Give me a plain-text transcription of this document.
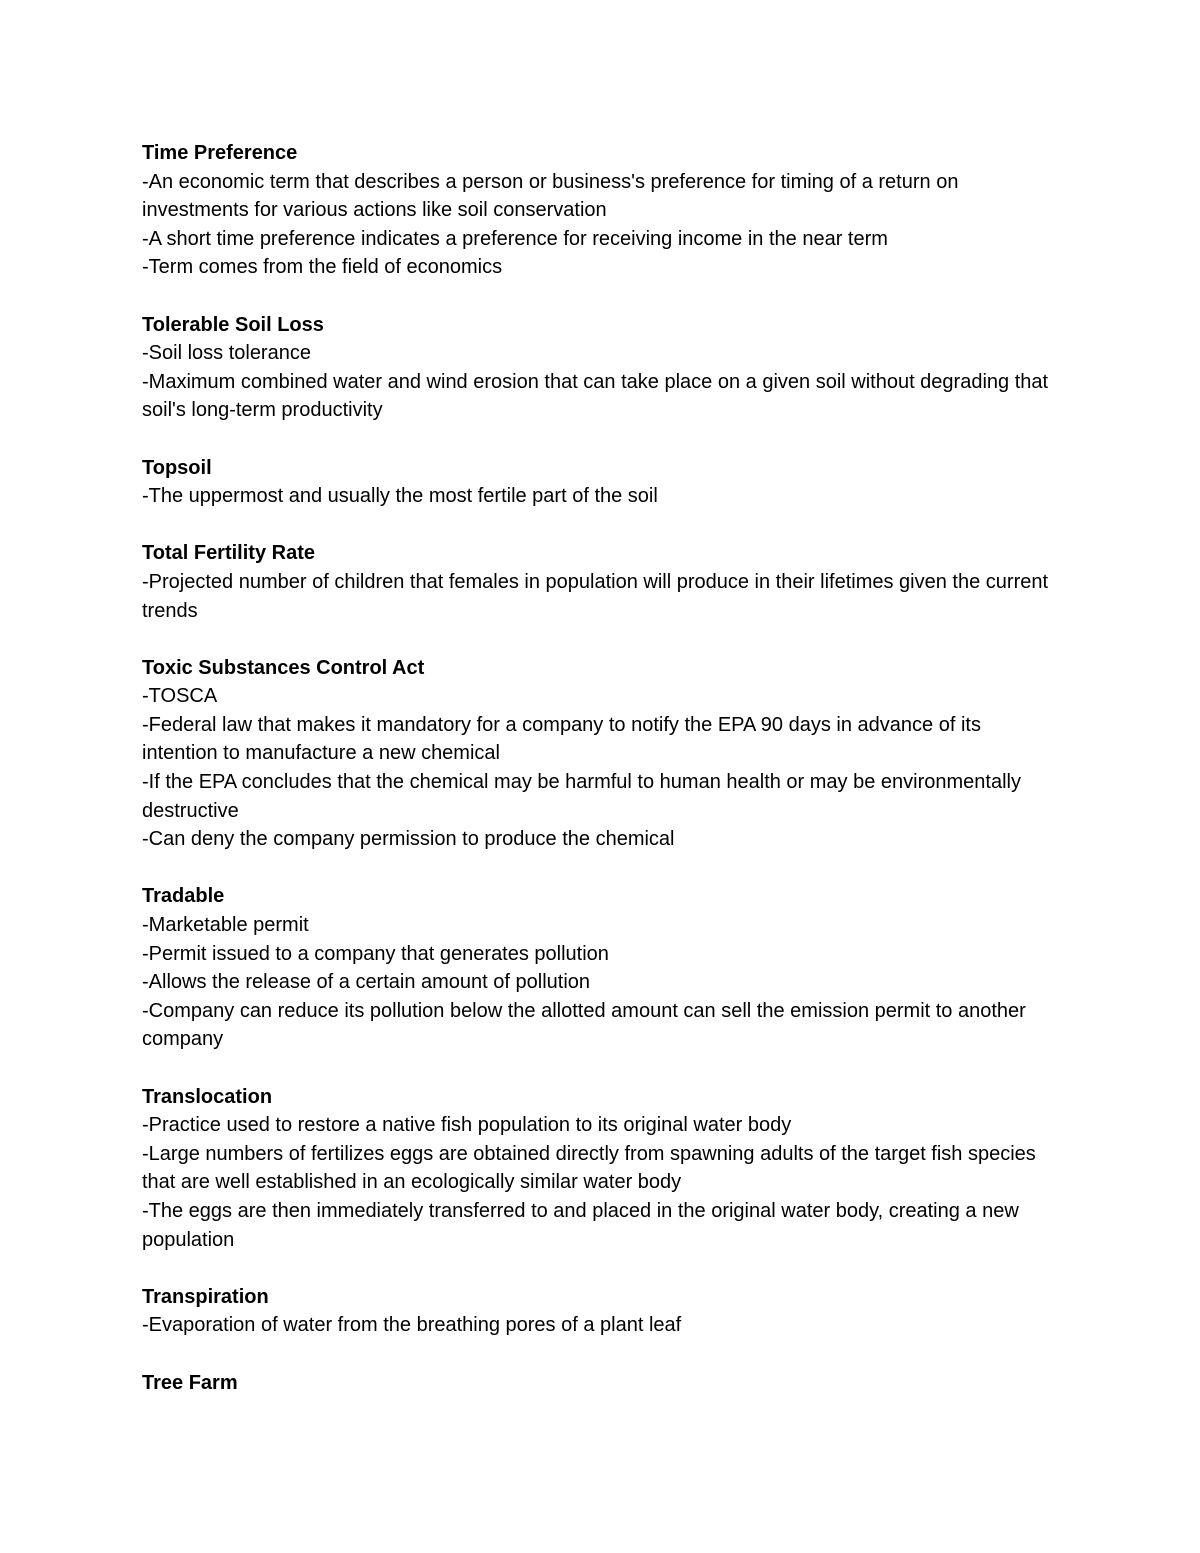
Time Preference

-An economic term that describes a person or business's preference for timing of a return on investments for various actions like soil conservation

-A short time preference indicates a preference for receiving income in the near term

-Term comes from the field of economics

Tolerable Soil Loss

-Soil loss tolerance

-Maximum combined water and wind erosion that can take place on a given soil without degrading that soil's long-term productivity

Topsoil

-The uppermost and usually the most fertile part of the soil

Total Fertility Rate

-Projected number of children that females in population will produce in their lifetimes given the current trends

Toxic Substances Control Act

-TOSCA

-Federal law that makes it mandatory for a company to notify the EPA 90 days in advance of its intention to manufacture a new chemical

-If the EPA concludes that the chemical may be harmful to human health or may be environmentally destructive

-Can deny the company permission to produce the chemical

Tradable

-Marketable permit

-Permit issued to a company that generates pollution

-Allows the release of a certain amount of pollution

-Company can reduce its pollution below the allotted amount can sell the emission permit to another company

Translocation

-Practice used to restore a native fish population to its original water body

-Large numbers of fertilizes eggs are obtained directly from spawning adults of the target fish species that are well established in an ecologically similar water body

-The eggs are then immediately transferred to and placed in the original water body, creating a new population

Transpiration

-Evaporation of water from the breathing pores of a plant leaf

Tree Farm
